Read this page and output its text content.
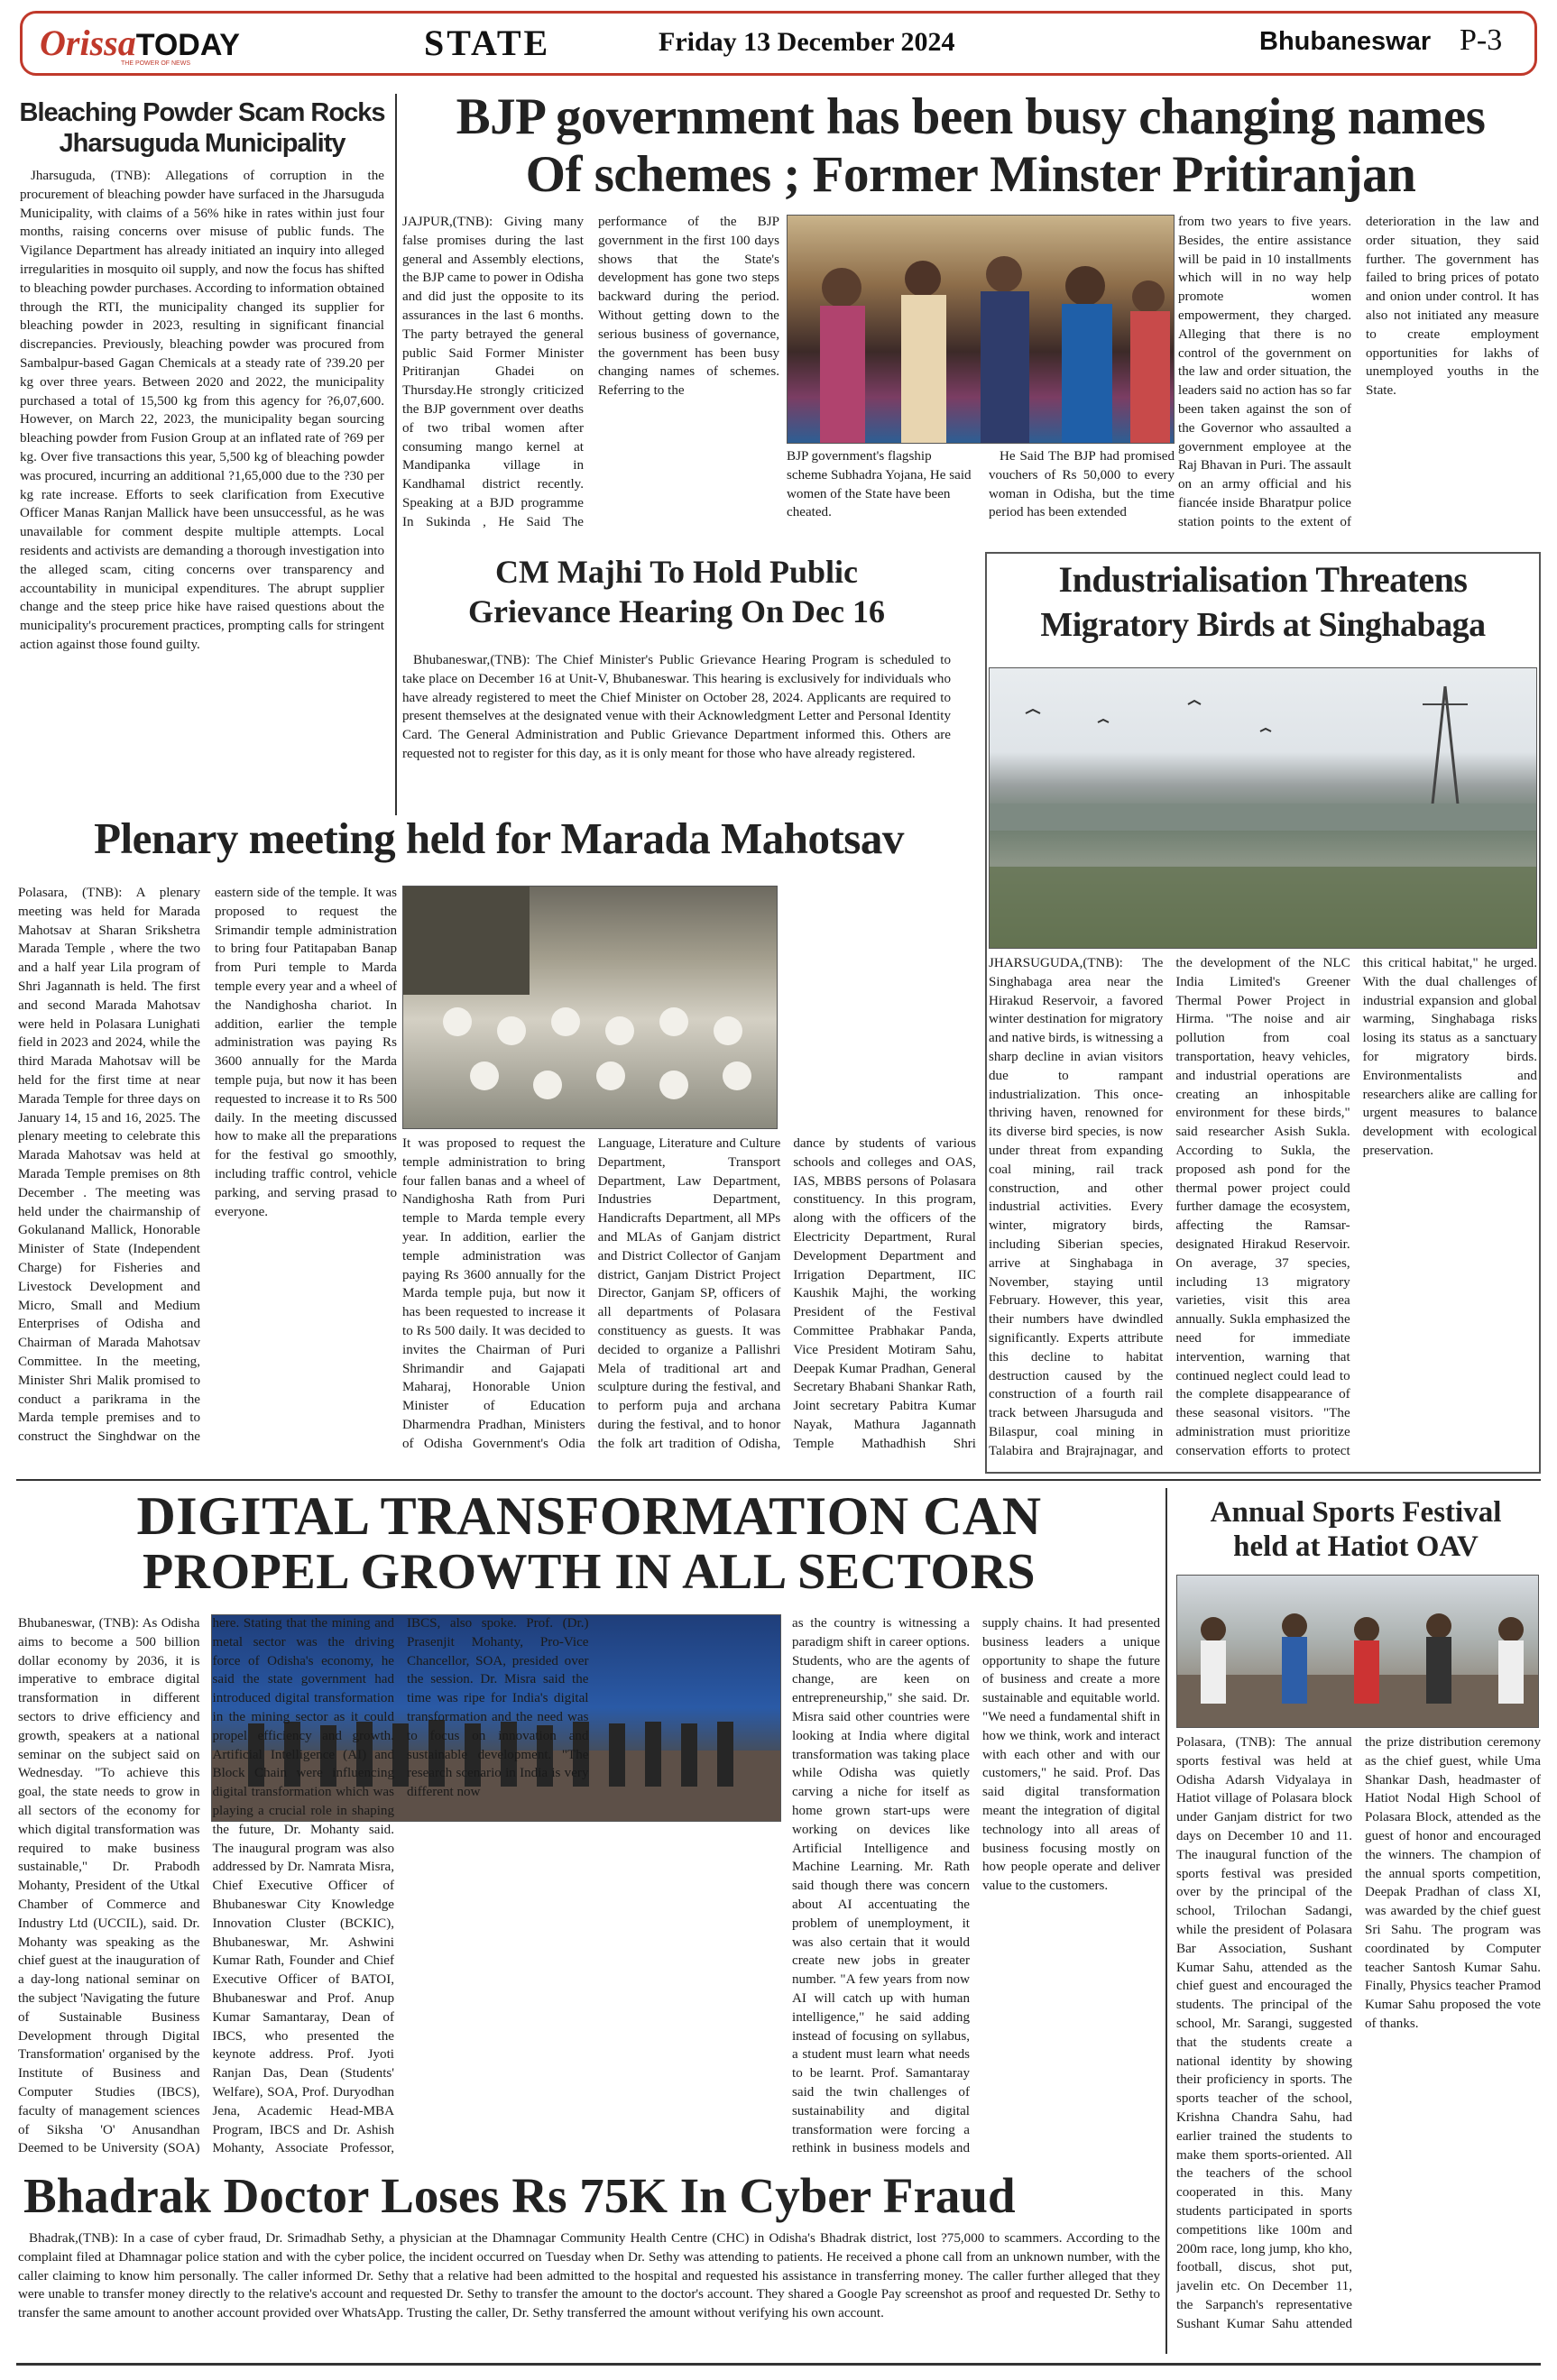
OrissaTODAY
THE POWER OF NEWS
STATE	Friday 13 December 2024	Bhubaneswar P-3
Bleaching Powder Scam Rocks
Jharsuguda Municipality
Jharsuguda, (TNB): Allegations of corruption in the procurement of bleaching powder have surfaced in the Jharsuguda Municipality, with claims of a 56% hike in rates within just four months, raising concerns over misuse of public funds. The Vigilance Department has already initiated an inquiry into alleged irregularities in mosquito oil supply, and now the focus has shifted to bleaching powder purchases. According to information obtained through the RTI, the municipality changed its supplier for bleaching powder in 2023, resulting in significant financial discrepancies. Previously, bleaching powder was procured from Sambalpur-based Gagan Chemicals at a steady rate of ?39.20 per kg over three years. Between 2020 and 2022, the municipality purchased a total of 15,500 kg from this agency for ?6,07,600. However, on March 22, 2023, the municipality began sourcing bleaching powder from Fusion Group at an inflated rate of ?69 per kg. Over five transactions this year, 5,500 kg of bleaching powder was procured, incurring an additional ?1,65,000 due to the ?30 per kg rate increase. Efforts to seek clarification from Executive Officer Manas Ranjan Mallick have been unsuccessful, as he was unavailable for comment despite multiple attempts. Local residents and activists are demanding a thorough investigation into the alleged scam, citing concerns over transparency and accountability in municipal expenditures. The abrupt supplier change and the steep price hike have raised questions about the municipality's procurement practices, prompting calls for stringent action against those found guilty.
BJP government has been busy changing names
Of schemes ; Former Minster Pritiranjan
JAJPUR,(TNB): Giving many false promises during the last general and Assembly elections, the BJP came to power in Odisha and did just the opposite to its assurances in the last 6 months. The party betrayed the general public Said Former Minister Pritiranjan Ghadei on Thursday.He strongly criticized the BJP government over deaths of two tribal women after consuming mango kernel at Mandipanka village in Kandhamal district recently. Speaking at a BJD programme In Sukinda , He Said The performance of the BJP government in the first 100 days shows that the State's development has gone two steps backward during the period. Without getting down to the serious business of governance, the government has been busy changing names of schemes. Referring to the
BJP government's flagship scheme Subhadra Yojana, He said women of the State have been cheated.
He Said The BJP had promised vouchers of Rs 50,000 to every woman in Odisha, but the time period has been extended
from two years to five years. Besides, the entire assistance will be paid in 10 installments which will in no way help promote women empowerment, they charged. Alleging that there is no control of the government on the law and order situation, the leaders said no action has so far been taken against the son of the Governor who assaulted a government employee at the Raj Bhavan in Puri. The assault on an army official and his fiancée inside Bharatpur police station points to the extent of deterioration in the law and order situation, they said further. The government has failed to bring prices of potato and onion under control. It has also not initiated any measure to create employment opportunities for lakhs of unemployed youths in the State.
CM Majhi To Hold Public
Grievance Hearing On Dec 16
Bhubaneswar,(TNB): The Chief Minister's Public Grievance Hearing Program is scheduled to take place on December 16 at Unit-V, Bhubaneswar. This hearing is exclusively for individuals who have already registered to meet the Chief Minister on October 28, 2024. Applicants are required to present themselves at the designated venue with their Acknowledgment Letter and Personal Identity Card. The General Administration and Public Grievance Department informed this. Others are requested not to register for this day, as it is only meant for those who have already registered.
Industrialisation Threatens
Migratory Birds at Singhabaga
JHARSUGUDA,(TNB): The Singhabaga area near the Hirakud Reservoir, a favored winter destination for migratory and native birds, is witnessing a sharp decline in avian visitors due to rampant industrialization. This once-thriving haven, renowned for its diverse bird species, is now under threat from expanding coal mining, rail track construction, and other industrial activities. Every winter, migratory birds, including Siberian species, arrive at Singhabaga in November, staying until February. However, this year, their numbers have dwindled significantly. Experts attribute this decline to habitat destruction caused by the construction of a fourth rail track between Jharsuguda and Bilaspur, coal mining in Talabira and Brajrajnagar, and the development of the NLC India Limited's Greener Thermal Power Project in Hirma. "The noise and air pollution from coal transportation, heavy vehicles, and industrial operations are creating an inhospitable environment for these birds," said researcher Asish Sukla. According to Sukla, the proposed ash pond for the thermal power project could further damage the ecosystem, affecting the Ramsar-designated Hirakud Reservoir. On average, 37 species, including 13 migratory varieties, visit this area annually. Sukla emphasized the need for immediate intervention, warning that continued neglect could lead to the complete disappearance of these seasonal visitors. "The administration must prioritize conservation efforts to protect this critical habitat," he urged. With the dual challenges of industrial expansion and global warming, Singhabaga risks losing its status as a sanctuary for migratory birds. Environmentalists and researchers alike are calling for urgent measures to balance development with ecological preservation.
Plenary meeting held for Marada Mahotsav
Polasara, (TNB): A plenary meeting was held for Marada Mahotsav at Sharan Srikshetra Marada Temple , where the two and a half year Lila program of Shri Jagannath is held. The first and second Marada Mahotsav were held in Polasara Lunighati field in 2023 and 2024, while the third Marada Mahotsav will be held for the first time at near Marada Temple for three days on January 14, 15 and 16, 2025. The plenary meeting to celebrate this Marada Mahotsav was held at Marada Temple premises on 8th December . The meeting was held under the chairmanship of Gokulanand Mallick, Honorable Minister of State (Independent Charge) for Fisheries and Livestock Development and Micro, Small and Medium Enterprises of Odisha and Chairman of Marada Mahotsav Committee. In the meeting, Minister Shri Malik promised to conduct a parikrama in the Marda temple premises and to construct the Singhdwar on the eastern side of the temple. It was proposed to request the Srimandir temple administration to bring four Patitapaban Banap from Puri temple to Marda temple every year and a wheel of the Nandighosha chariot. In addition, earlier the temple administration was paying Rs 3600 annually for the Marda temple puja, but now it has been requested to increase it to Rs 500 daily. In the meeting discussed how to make all the preparations for the festival go smoothly, including traffic control, vehicle parking, and serving prasad to everyone.
It was proposed to request the temple administration to bring four fallen banas and a wheel of Nandighosha Rath from Puri temple to Marda temple every year. In addition, earlier the temple administration was paying Rs 3600 annually for the Marda temple puja, but now it has been requested to increase it to Rs 500 daily. It was decided to invites the Chairman of Puri Shrimandir and Gajapati Maharaj, Honorable Union Minister of Education Dharmendra Pradhan, Ministers of Odisha Government's Odia Language, Literature and Culture Department, Transport Department, Law Department, Industries Department, Handicrafts Department, all MPs and MLAs of Ganjam district and District Collector of Ganjam district, Ganjam District Project Director, Ganjam SP, officers of all departments of Polasara constituency as guests. It was decided to organize a Pallishri Mela of traditional art and sculpture during the festival, and to perform puja and archana during the festival, and to honor the folk art tradition of Odisha, dance by students of various schools and colleges and OAS, IAS, MBBS persons of Polasara constituency. In this program, along with the officers of the Electricity Department, Rural Development Department and Irrigation Department, IIC Kaushik Majhi, the working President of the Festival Committee Prabhakar Panda, Vice President Motiram Sahu, Deepak Kumar Pradhan, General Secretary Bhabani Shankar Rath, Joint secretary Pabitra Kumar Nayak, Mathura Jagannath Temple Mathadhish Shri
DIGITAL TRANSFORMATION CAN
PROPEL GROWTH IN ALL SECTORS
Bhubaneswar, (TNB): As Odisha aims to become a 500 billion dollar economy by 2036, it is imperative to embrace digital transformation in different sectors to drive efficiency and growth, speakers at a national seminar on the subject said on Wednesday. "To achieve this goal, the state needs to grow in all sectors of the economy for which digital transformation was required to make business sustainable," Dr. Prabodh Mohanty, President of the Utkal Chamber of Commerce and Industry Ltd (UCCIL), said. Dr. Mohanty was speaking as the chief guest at the inauguration of a day-long national seminar on the subject 'Navigating the future of Sustainable Business Development through Digital Transformation' organised by the Institute of Business and Computer Studies (IBCS), faculty of management sciences of Siksha 'O' Anusandhan Deemed to be University (SOA) here. Stating that the mining and metal sector was the driving force of Odisha's economy, he said the state government had introduced digital transformation in the mining sector as it could propel efficiency and growth. Artificial Intelligence (AI) and Block Chain were influencing digital transformation which was playing a crucial role in shaping the future, Dr. Mohanty said. The inaugural program was also addressed by Dr. Namrata Misra, Chief Executive Officer of Bhubaneswar City Knowledge Innovation Cluster (BCKIC), Bhubaneswar, Mr. Ashwini Kumar Rath, Founder and Chief Executive Officer of BATOI, Bhubaneswar and Prof. Anup Kumar Samantaray, Dean of IBCS, who presented the keynote address. Prof. Jyoti Ranjan Das, Dean (Students' Welfare), SOA, Prof. Duryodhan Jena, Academic Head-MBA Program, IBCS and Dr. Ashish Mohanty, Associate Professor, IBCS, also spoke. Prof. (Dr.) Prasenjit Mohanty, Pro-Vice Chancellor, SOA, presided over the session. Dr. Misra said the time was ripe for India's digital transformation and the need was to focus on innovation and sustainable development. "The research scenario in India is very different now
as the country is witnessing a paradigm shift in career options. Students, who are the agents of change, are keen on entrepreneurship," she said. Dr. Misra said other countries were looking at India where digital transformation was taking place while Odisha was quietly carving a niche for itself as home grown start-ups were working on devices like Artificial Intelligence and Machine Learning. Mr. Rath said though there was concern about AI accentuating the problem of unemployment, it was also certain that it would create new jobs in greater number. "A few years from now AI will catch up with human intelligence," he said adding instead of focusing on syllabus, a student must learn what needs to be learnt. Prof. Samantaray said the twin challenges of sustainability and digital transformation were forcing a rethink in business models and supply chains. It had presented business leaders a unique opportunity to shape the future of business and create a more sustainable and equitable world. "We need a fundamental shift in how we think, work and interact with each other and with our customers," he said. Prof. Das said digital transformation meant the integration of digital technology into all areas of business focusing mostly on how people operate and deliver value to the customers.
Annual Sports Festival
held at Hatiot OAV
Polasara, (TNB): The annual sports festival was held at Odisha Adarsh Vidyalaya in Hatiot village of Polasara block under Ganjam district for two days on December 10 and 11. The inaugural function of the sports festival was presided over by the principal of the school, Trilochan Sadangi, while the president of Polasara Bar Association, Sushant Kumar Sahu, attended as the chief guest and encouraged the students. The principal of the school, Mr. Sarangi, suggested that the students create a national identity by showing their proficiency in sports. The sports teacher of the school, Krishna Chandra Sahu, had earlier trained the students to make them sports-oriented. All the teachers of the school cooperated in this. Many students participated in sports competitions like 100m and 200m race, long jump, kho kho, football, discus, shot put, javelin etc. On December 11, the Sarpanch's representative Sushant Kumar Sahu attended the prize distribution ceremony as the chief guest, while Uma Shankar Dash, headmaster of Hatiot Nodal High School of Polasara Block, attended as the guest of honor and encouraged the winners. The champion of the annual sports competition, Deepak Pradhan of class XI, was awarded by the chief guest Sri Sahu. The program was coordinated by Computer teacher Santosh Kumar Sahu. Finally, Physics teacher Pramod Kumar Sahu proposed the vote of thanks.
Bhadrak Doctor Loses Rs 75K In Cyber Fraud
Bhadrak,(TNB): In a case of cyber fraud, Dr. Srimadhab Sethy, a physician at the Dhamnagar Community Health Centre (CHC) in Odisha's Bhadrak district, lost ?75,000 to scammers. According to the complaint filed at Dhamnagar police station and with the cyber police, the incident occurred on Tuesday when Dr. Sethy was attending to patients. He received a phone call from an unknown number, with the caller claiming to know him personally. The caller informed Dr. Sethy that a relative had been admitted to the hospital and requested his assistance in transferring money. The caller further alleged that they were unable to transfer money directly to the relative's account and requested Dr. Sethy to transfer the amount to the doctor's account. They shared a Google Pay screenshot as proof and requested Dr. Sethy to transfer the same amount to another account provided over WhatsApp. Trusting the caller, Dr. Sethy transferred the amount without verifying his own account.
